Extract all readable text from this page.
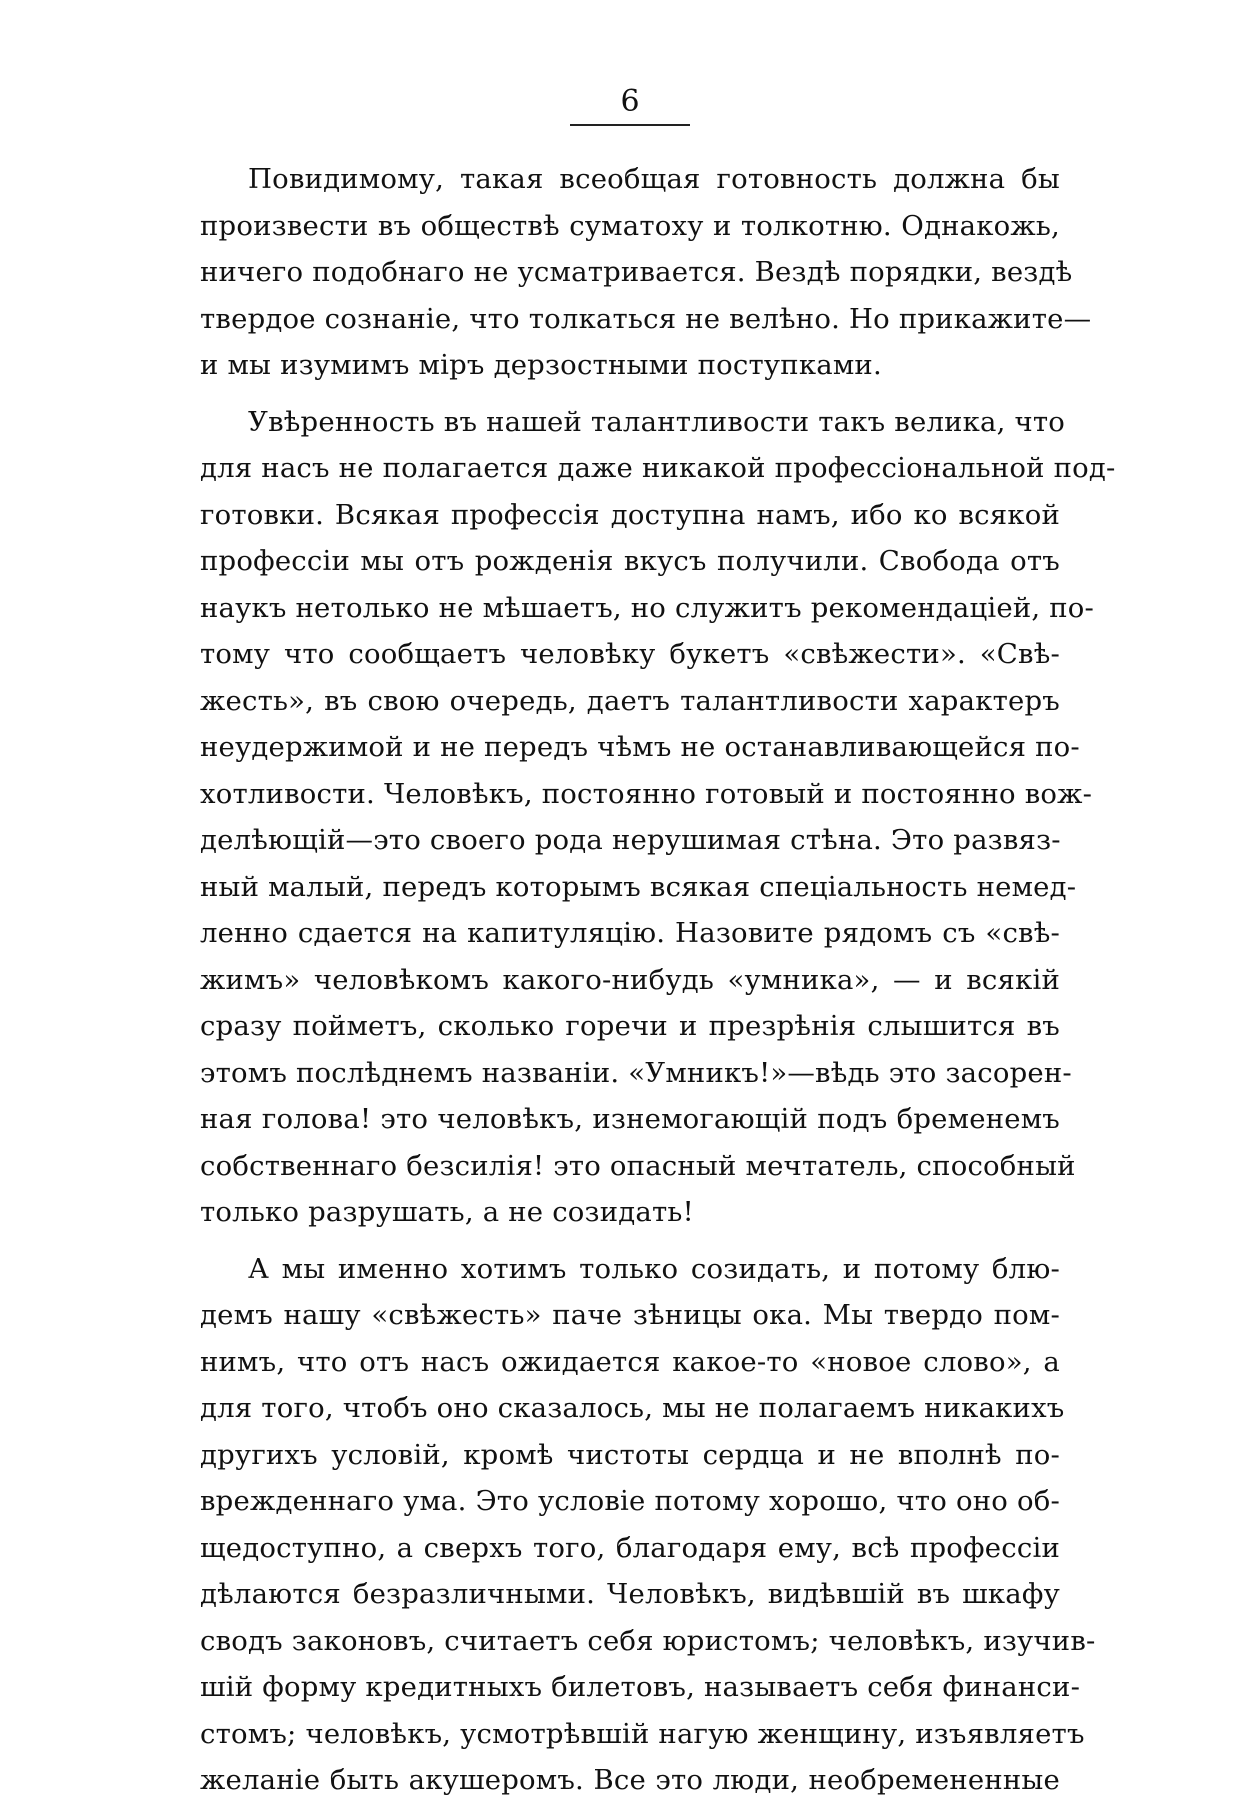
6
Повидимому, такая всеобщая готовность должна бы
произвести въ обществѣ суматоху и толкотню. Однакожь,
ничего подобнаго не усматривается. Вездѣ порядки, вездѣ
твердое сознаніе, что толкаться не велѣно. Но прикажите—
и мы изумимъ міръ дерзостными поступками.
Увѣренность въ нашей талантливости такъ велика, что
для насъ не полагается даже никакой профессіональной под-
готовки. Всякая профессія доступна намъ, ибо ко всякой
профессіи мы отъ рожденія вкусъ получили. Свобода отъ
наукъ нетолько не мѣшаетъ, но служитъ рекомендаціей, по-
тому что сообщаетъ человѣку букетъ «свѣжести». «Свѣ-
жесть», въ свою очередь, даетъ талантливости характеръ
неудержимой и не передъ чѣмъ не останавливающейся по-
хотливости. Человѣкъ, постоянно готовый и постоянно вож-
делѣющій—это своего рода нерушимая стѣна. Это развяз-
ный малый, передъ которымъ всякая спеціальность немед-
ленно сдается на капитуляцію. Назовите рядомъ съ «свѣ-
жимъ» человѣкомъ какого-нибудь «умника», — и всякій
сразу пойметъ, сколько горечи и презрѣнія слышится въ
этомъ послѣднемъ названіи. «Умникъ!»—вѣдь это засорен-
ная голова! это человѣкъ, изнемогающій подъ бременемъ
собственнаго безсилія! это опасный мечтатель, способный
только разрушать, а не созидать!
А мы именно хотимъ только созидать, и потому блю-
демъ нашу «свѣжесть» паче зѣницы ока. Мы твердо пом-
нимъ, что отъ насъ ожидается какое-то «новое слово», а
для того, чтобъ оно сказалось, мы не полагаемъ никакихъ
другихъ условій, кромѣ чистоты сердца и не вполнѣ по-
врежденнаго ума. Это условіе потому хорошо, что оно об-
щедоступно, а сверхъ того, благодаря ему, всѣ профессіи
дѣлаются безразличными. Человѣкъ, видѣвшій въ шкафу
сводъ законовъ, считаетъ себя юристомъ; человѣкъ, изучив-
шій форму кредитныхъ билетовъ, называетъ себя финанси-
стомъ; человѣкъ, усмотрѣвшій нагую женщину, изъявляетъ
желаніе быть акушеромъ. Все это люди, необремененные
